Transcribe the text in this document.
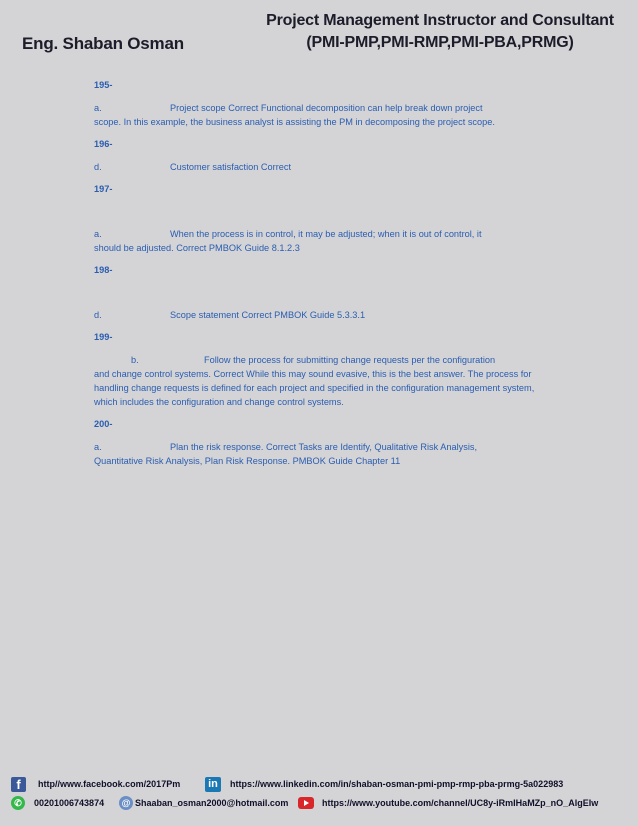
Eng. Shaban Osman
Project Management Instructor and Consultant
(PMI-PMP,PMI-RMP,PMI-PBA,PRMG)

195-

a.	Project scope Correct Functional decomposition can help break down project
scope. In this example, the business analyst is assisting the PM in decomposing the project scope.

196-

d.	Customer satisfaction Correct

197-

a.	When the process is in control, it may be adjusted; when it is out of control, it
should be adjusted. Correct PMBOK Guide 8.1.2.3

198-

d.	Scope statement Correct PMBOK Guide 5.3.3.1

199-

b.	Follow the process for submitting change requests per the configuration
and change control systems. Correct While this may sound evasive, this is the best answer. The process for handling change requests is defined for each project and specified in the configuration management system, which includes the configuration and change control systems.

200-

a.	Plan the risk response. Correct Tasks are Identify, Qualitative Risk Analysis,
Quantitative Risk Analysis, Plan Risk Response. PMBOK Guide Chapter 11

f	http//www.facebook.com/2017Pm	in	https://www.linkedin.com/in/shaban-osman-pmi-pmp-rmp-pba-prmg-5a022983
✆	00201006743874 @ Shaaban_osman2000@hotmail.com	https://www.youtube.com/channel/UC8y-iRmIHaMZp_nO_AlgEIw
